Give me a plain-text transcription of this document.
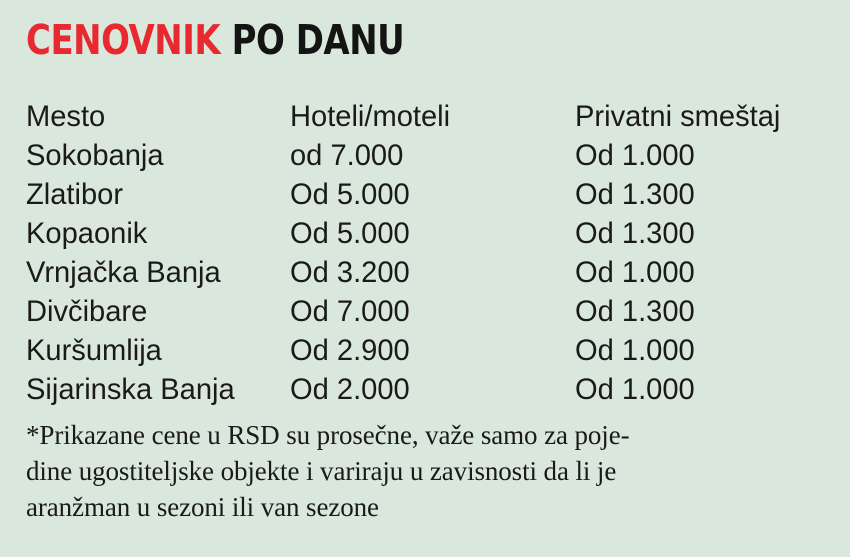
CENOVNIK PO DANU
Mesto	Hoteli/moteli	Privatni smeštaj
Sokobanja	od 7.000	Od 1.000
Zlatibor	Od 5.000	Od 1.300
Kopaonik	Od 5.000	Od 1.300
Vrnjačka Banja	Od 3.200	Od 1.000
Divčibare	Od 7.000	Od 1.300
Kuršumlija	Od 2.900	Od 1.000
Sijarinska Banja	Od 2.000	Od 1.000
*Prikazane cene u RSD su prosečne, važe samo za poje-
dine ugostiteljske objekte i variraju u zavisnosti da li je
aranžman u sezoni ili van sezone
